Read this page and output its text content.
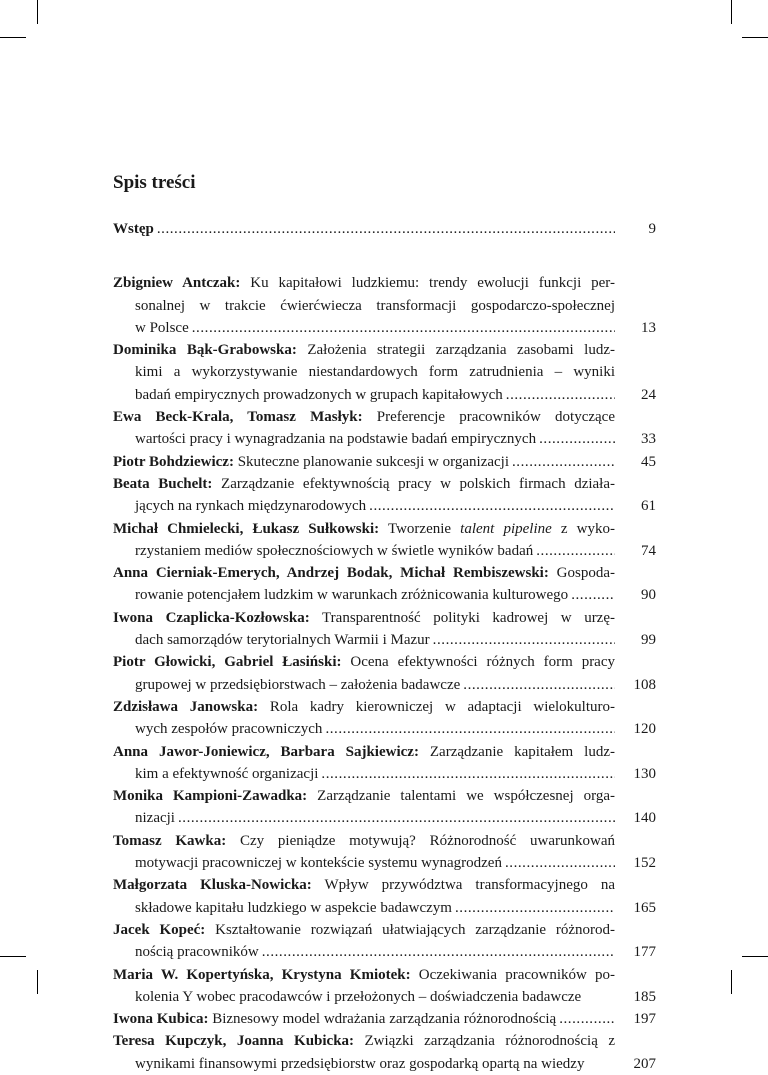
Spis treści
Wstęp . . .	9
Zbigniew Antczak: Ku kapitałowi ludzkiemu: trendy ewolucji funkcji per-
sonalnej w trakcie ćwierćwiecza transformacji gospodarczo-społecznej
w Polsce . . .	13
Dominika Bąk-Grabowska: Założenia strategii zarządzania zasobami ludz-
kimi a wykorzystywanie niestandardowych form zatrudnienia – wyniki
badań empirycznych prowadzonych w grupach kapitałowych . . .	24
Ewa Beck-Krala, Tomasz Masłyk: Preferencje pracowników dotyczące
wartości pracy i wynagradzania na podstawie badań empirycznych . . .	33
Piotr Bohdziewicz: Skuteczne planowanie sukcesji w organizacji . . .	45
Beata Buchelt: Zarządzanie efektywnością pracy w polskich firmach działa-
jących na rynkach międzynarodowych . . .	61
Michał Chmielecki, Łukasz Sułkowski: Tworzenie talent pipeline z wyko-
rzystaniem mediów społecznościowych w świetle wyników badań . . .	74
Anna Cierniak-Emerych, Andrzej Bodak, Michał Rembiszewski: Gospoda-
rowanie potencjałem ludzkim w warunkach zróżnicowania kulturowego . . .	90
Iwona Czaplicka-Kozłowska: Transparentność polityki kadrowej w urzę-
dach samorządów terytorialnych Warmii i Mazur . . .	99
Piotr Głowicki, Gabriel Łasiński: Ocena efektywności różnych form pracy
grupowej w przedsiębiorstwach – założenia badawcze . . .	108
Zdzisława Janowska: Rola kadry kierowniczej w adaptacji wielokulturo-
wych zespołów pracowniczych . . .	120
Anna Jawor-Joniewicz, Barbara Sajkiewicz: Zarządzanie kapitałem ludz-
kim a efektywność organizacji . . .	130
Monika Kampioni-Zawadka: Zarządzanie talentami we współczesnej orga-
nizacji . . .	140
Tomasz Kawka: Czy pieniądze motywują? Różnorodność uwarunkowań
motywacji pracowniczej w kontekście systemu wynagrodzeń . . .	152
Małgorzata Kluska-Nowicka: Wpływ przywództwa transformacyjnego na
składowe kapitału ludzkiego w aspekcie badawczym . . .	165
Jacek Kopeć: Kształtowanie rozwiązań ułatwiających zarządzanie różnorod-
nością pracowników . . .	177
Maria W. Kopertyńska, Krystyna Kmiotek: Oczekiwania pracowników po-
kolenia Y wobec pracodawców i przełożonych – doświadczenia badawcze	185
Iwona Kubica: Biznesowy model wdrażania zarządzania różnorodnością . . .	197
Teresa Kupczyk, Joanna Kubicka: Związki zarządzania różnorodnością z
wynikami finansowymi przedsiębiorstw oraz gospodarką opartą na wiedzy	207
